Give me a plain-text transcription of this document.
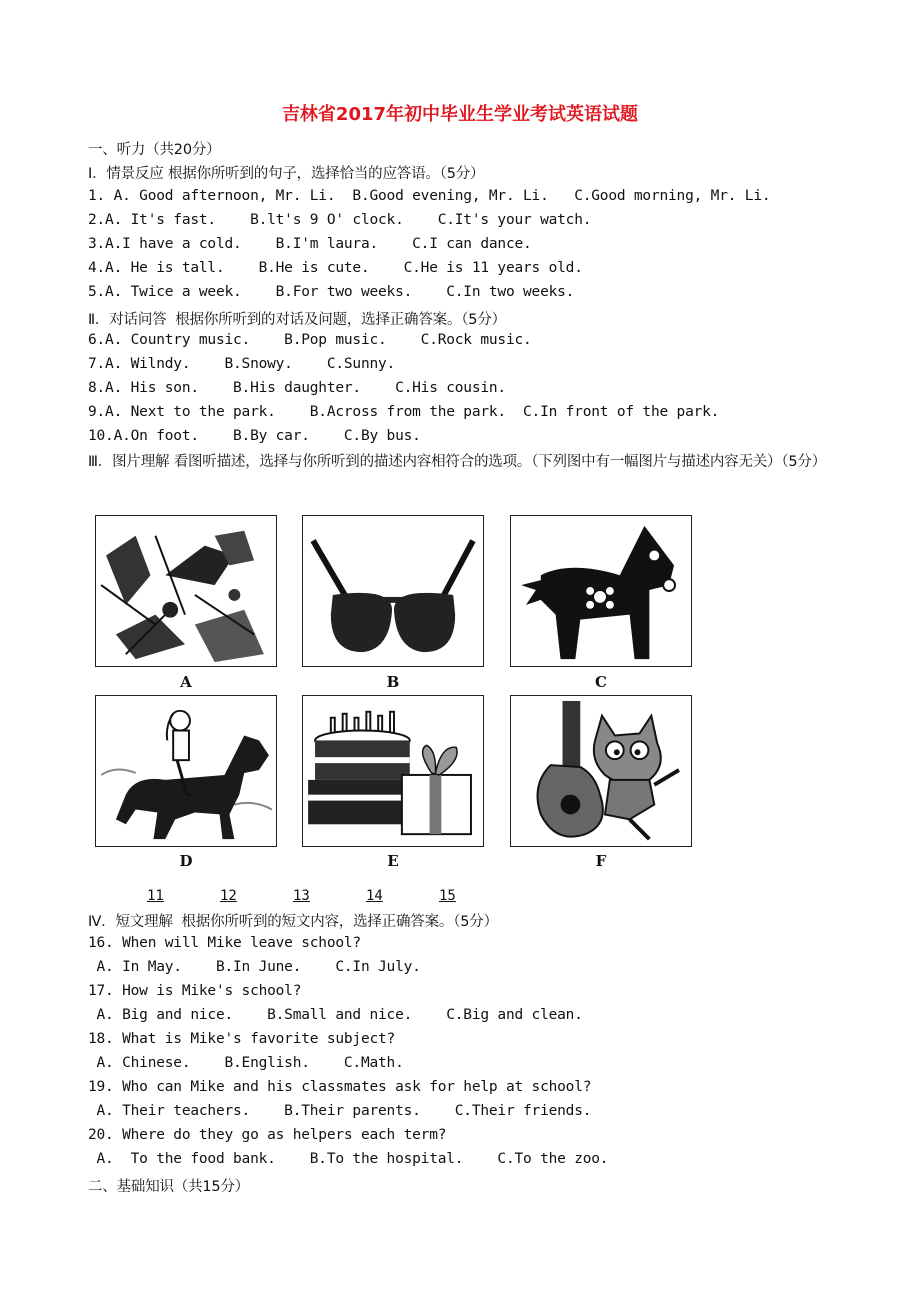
吉林省2017年初中毕业生学业考试英语试题
一、听力（共20分）
I．情景反应 根据你所听到的句子，选择恰当的应答语。（5分）
1. A. Good afternoon, Mr. Li.  B.Good evening, Mr. Li.   C.Good morning, Mr. Li.
2.A. It's fast.    B.lt's 9 O' clock.    C.It's your watch.
3.A.I have a cold.    B.I'm laura.    C.I can dance.
4.A. He is tall.    B.He is cute.    C.He is 11 years old.
5.A. Twice a week.    B.For two weeks.    C.In two weeks.
Ⅱ．对话问答  根据你所听到的对话及问题，选择正确答案。（5分）
6.A. Country music.    B.Pop music.    C.Rock music.
7.A. Wilndy.    B.Snowy.    C.Sunny.
8.A. His son.    B.His daughter.    C.His cousin.
9.A. Next to the park.    B.Across from the park.  C.In front of the park.
10.A.On foot.    B.By car.    C.By bus.
Ⅲ．图片理解 看图听描述，选择与你所听到的描述内容相符合的选项。（下列图中有一幅图片与描述内容无关）（5分）
A	B	C
D	E	F
11	12	13	14	15
Ⅳ．短文理解  根据你所听到的短文内容，选择正确答案。（5分）
16. When will Mike leave school?
A. In May.    B.In June.    C.In July.
17. How is Mike's school?
A. Big and nice.    B.Small and nice.    C.Big and clean.
18. What is Mike's favorite subject?
A. Chinese.    B.English.    C.Math.
19. Who can Mike and his classmates ask for help at school?
A. Their teachers.    B.Their parents.    C.Their friends.
20. Where do they go as helpers each term?
A.  To the food bank.    B.To the hospital.    C.To the zoo.
二、基础知识（共15分）
